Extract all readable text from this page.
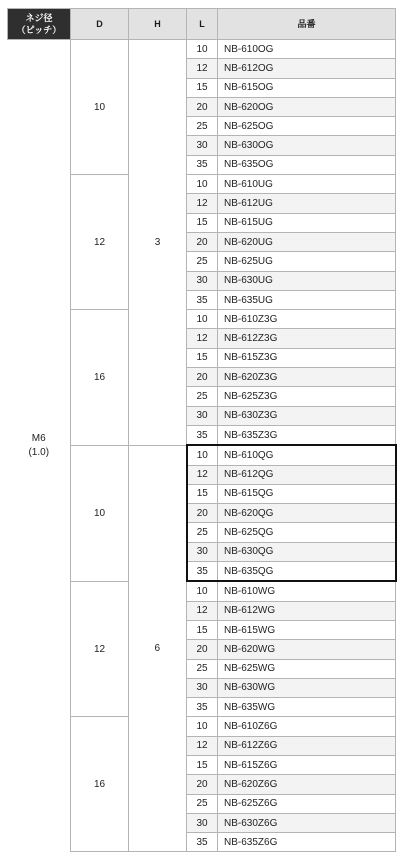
ネジ径
（ピッチ）	D	H	L	品番
M6
(1.0)	10	3	10	NB-610OG
			12	NB-612OG
			15	NB-615OG
			20	NB-620OG
			25	NB-625OG
			30	NB-630OG
			35	NB-635OG
	12		10	NB-610UG
			12	NB-612UG
			15	NB-615UG
			20	NB-620UG
			25	NB-625UG
			30	NB-630UG
			35	NB-635UG
	16		10	NB-610Z3G
			12	NB-612Z3G
			15	NB-615Z3G
			20	NB-620Z3G
			25	NB-625Z3G
			30	NB-630Z3G
			35	NB-635Z3G
	10	6	10	NB-610QG
			12	NB-612QG
			15	NB-615QG
			20	NB-620QG
			25	NB-625QG
			30	NB-630QG
			35	NB-635QG
	12		10	NB-610WG
			12	NB-612WG
			15	NB-615WG
			20	NB-620WG
			25	NB-625WG
			30	NB-630WG
			35	NB-635WG
	16		10	NB-610Z6G
			12	NB-612Z6G
			15	NB-615Z6G
			20	NB-620Z6G
			25	NB-625Z6G
			30	NB-630Z6G
			35	NB-635Z6G
